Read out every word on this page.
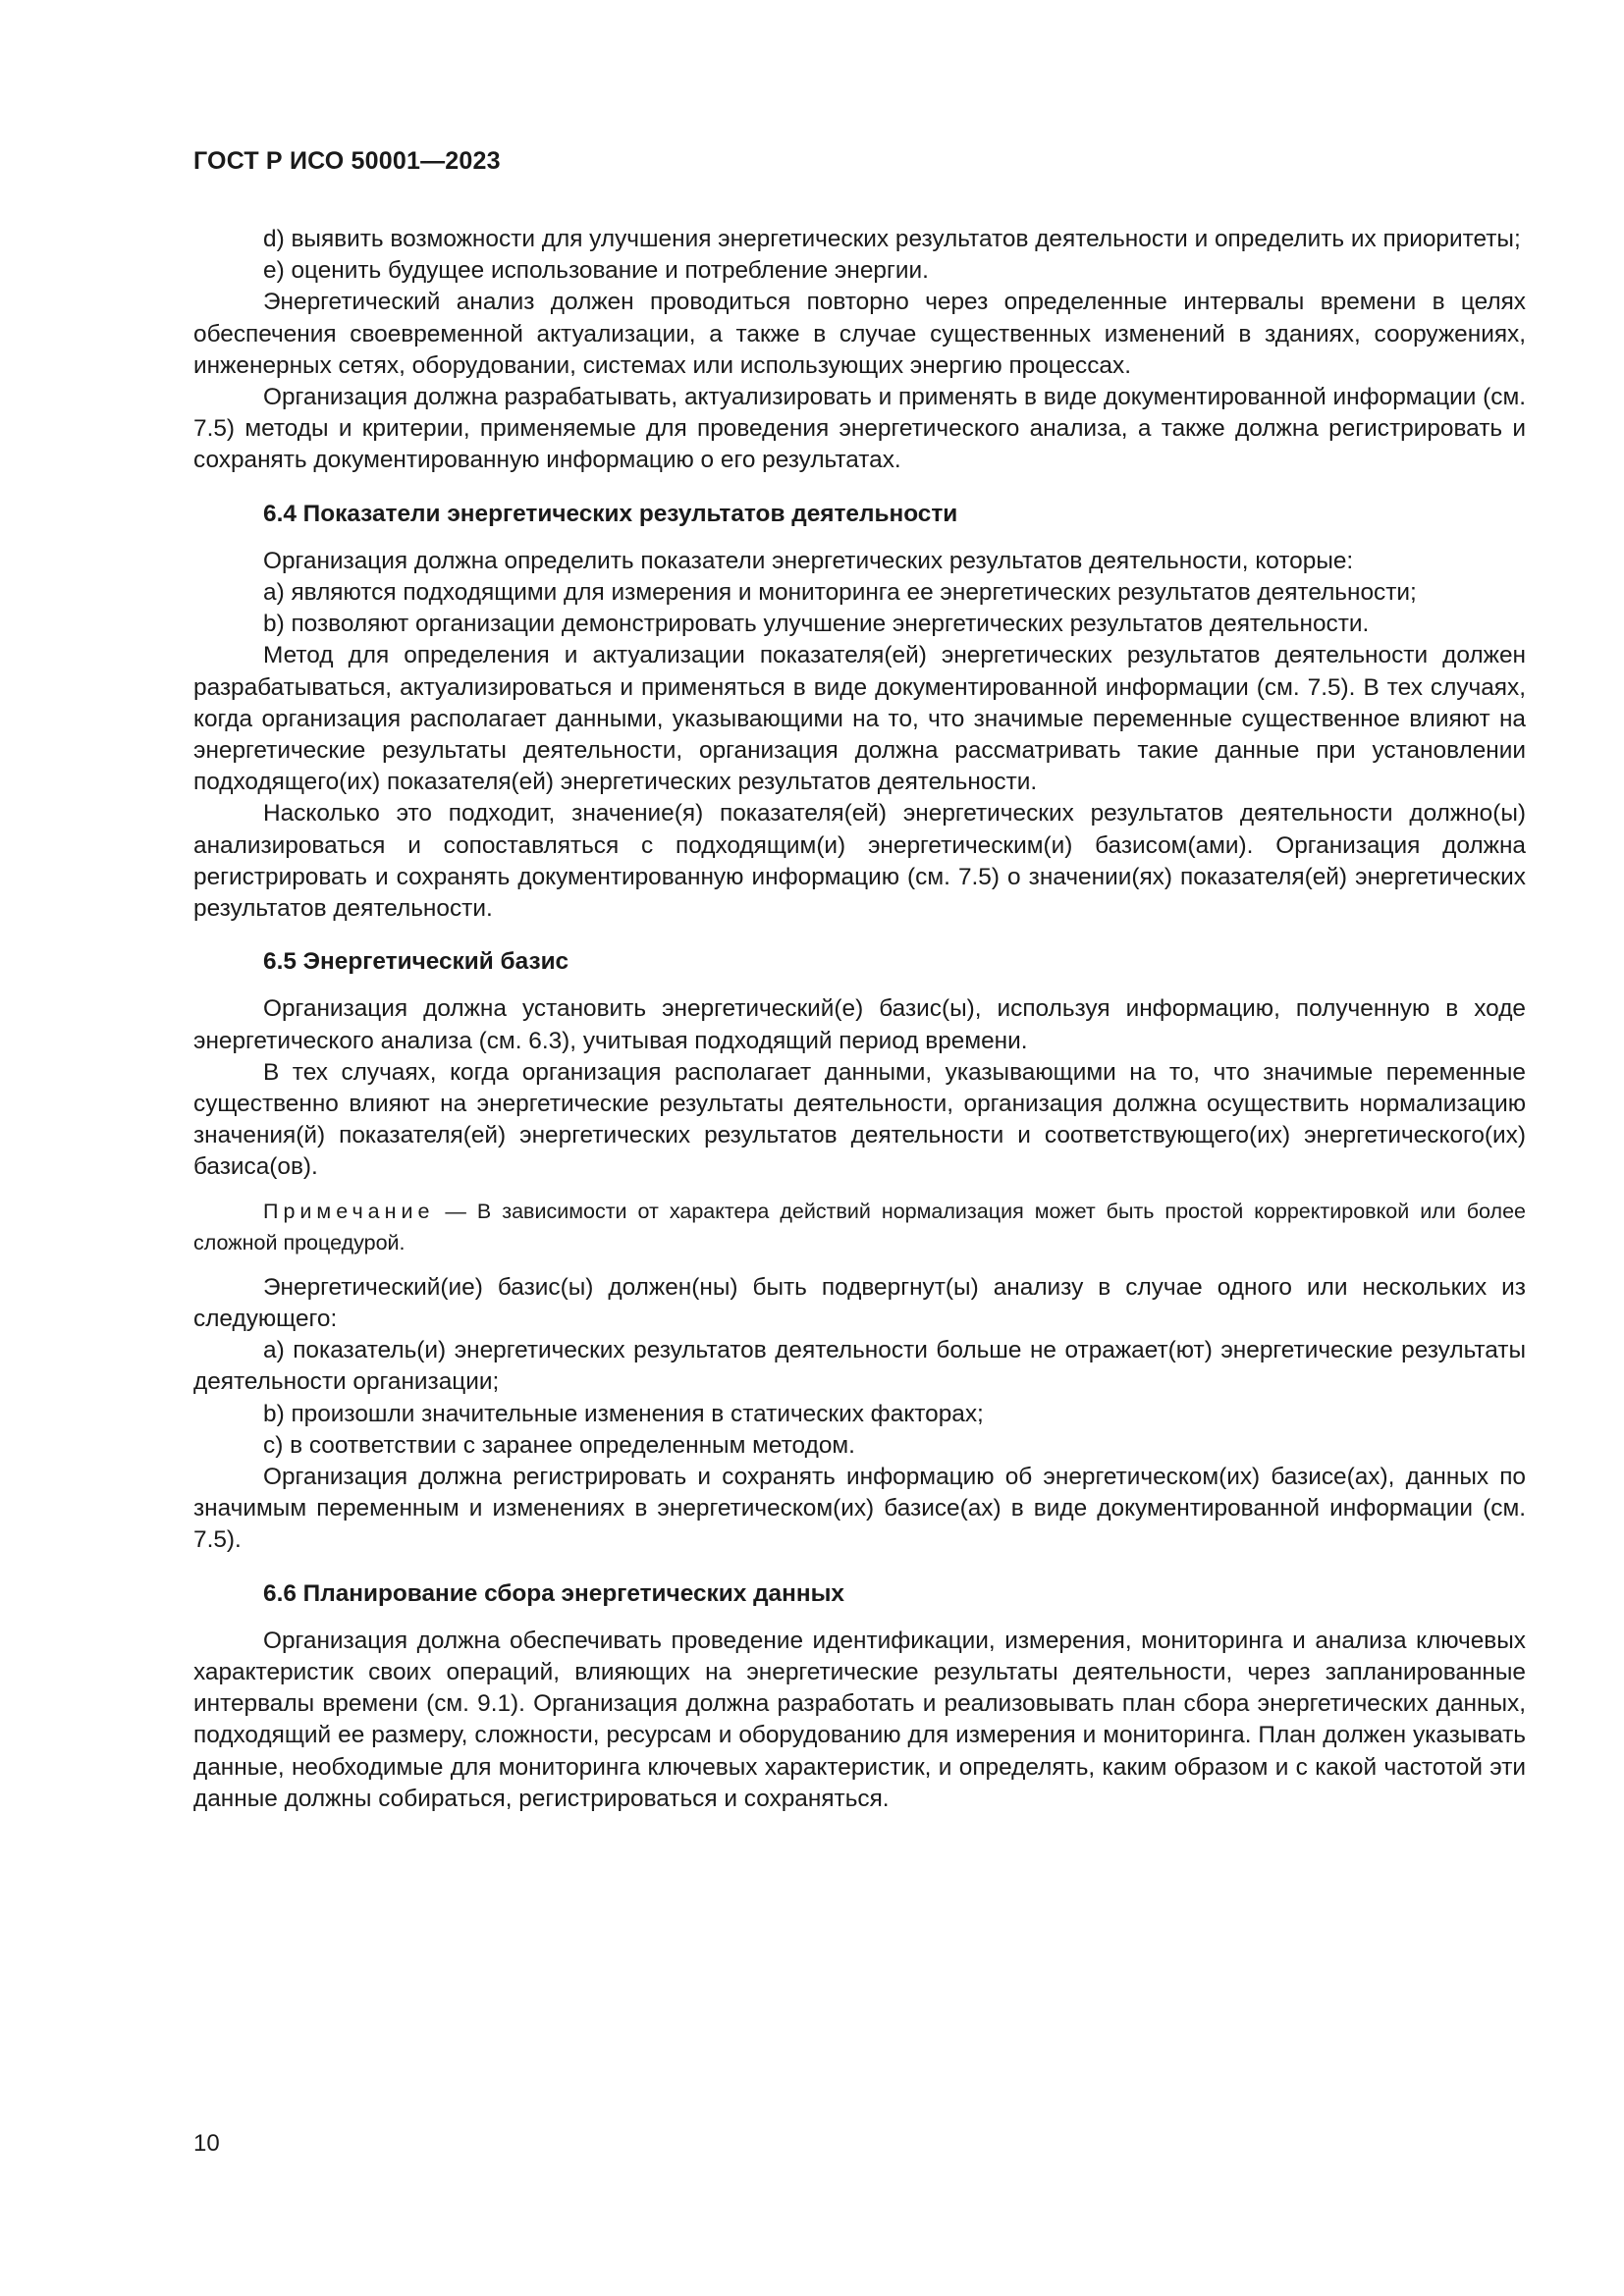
ГОСТ Р ИСО 50001—2023

d) выявить возможности для улучшения энергетических результатов деятельности и определить их приоритеты;

е) оценить будущее использование и потребление энергии.

Энергетический анализ должен проводиться повторно через определенные интервалы времени в целях обеспечения своевременной актуализации, а также в случае существенных изменений в зданиях, сооружениях, инженерных сетях, оборудовании, системах или использующих энергию процессах.

Организация должна разрабатывать, актуализировать и применять в виде документированной информации (см. 7.5) методы и критерии, применяемые для проведения энергетического анализа, а также должна регистрировать и сохранять документированную информацию о его результатах.

6.4 Показатели энергетических результатов деятельности

Организация должна определить показатели энергетических результатов деятельности, которые:

а) являются подходящими для измерения и мониторинга ее энергетических результатов деятельности;

b) позволяют организации демонстрировать улучшение энергетических результатов деятельности.

Метод для определения и актуализации показателя(ей) энергетических результатов деятельности должен разрабатываться, актуализироваться и применяться в виде документированной информации (см. 7.5). В тех случаях, когда организация располагает данными, указывающими на то, что значимые переменные существенное влияют на энергетические результаты деятельности, организация должна рассматривать такие данные при установлении подходящего(их) показателя(ей) энергетических результатов деятельности.

Насколько это подходит, значение(я) показателя(ей) энергетических результатов деятельности должно(ы) анализироваться и сопоставляться с подходящим(и) энергетическим(и) базисом(ами). Организация должна регистрировать и сохранять документированную информацию (см. 7.5) о значении(ях) показателя(ей) энергетических результатов деятельности.

6.5 Энергетический базис

Организация должна установить энергетический(е) базис(ы), используя информацию, полученную в ходе энергетического анализа (см. 6.3), учитывая подходящий период времени.

В тех случаях, когда организация располагает данными, указывающими на то, что значимые переменные существенно влияют на энергетические результаты деятельности, организация должна осуществить нормализацию значения(й) показателя(ей) энергетических результатов деятельности и соответствующего(их) энергетического(их) базиса(ов).

Примечание — В зависимости от характера действий нормализация может быть простой корректировкой или более сложной процедурой.

Энергетический(ие) базис(ы) должен(ны) быть подвергнут(ы) анализу в случае одного или нескольких из следующего:

а) показатель(и) энергетических результатов деятельности больше не отражает(ют) энергетические результаты деятельности организации;

b) произошли значительные изменения в статических факторах;

с) в соответствии с заранее определенным методом.

Организация должна регистрировать и сохранять информацию об энергетическом(их) базисе(ах), данных по значимым переменным и изменениях в энергетическом(их) базисе(ах) в виде документированной информации (см. 7.5).

6.6 Планирование сбора энергетических данных

Организация должна обеспечивать проведение идентификации, измерения, мониторинга и анализа ключевых характеристик своих операций, влияющих на энергетические результаты деятельности, через запланированные интервалы времени (см. 9.1). Организация должна разработать и реализовывать план сбора энергетических данных, подходящий ее размеру, сложности, ресурсам и оборудованию для измерения и мониторинга. План должен указывать данные, необходимые для мониторинга ключевых характеристик, и определять, каким образом и с какой частотой эти данные должны собираться, регистрироваться и сохраняться.

10
